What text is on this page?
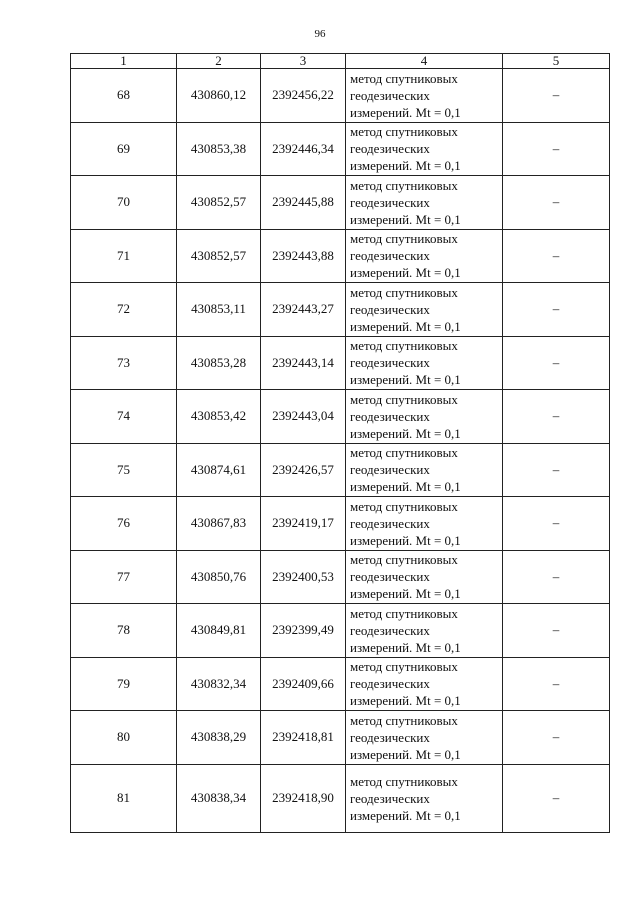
96
1	2	3	4	5
68	430860,12	2392456,22	метод спутниковых
геодезических
измерений. Mt = 0,1	–
69	430853,38	2392446,34	метод спутниковых
геодезических
измерений. Mt = 0,1	–
70	430852,57	2392445,88	метод спутниковых
геодезических
измерений. Mt = 0,1	–
71	430852,57	2392443,88	метод спутниковых
геодезических
измерений. Mt = 0,1	–
72	430853,11	2392443,27	метод спутниковых
геодезических
измерений. Mt = 0,1	–
73	430853,28	2392443,14	метод спутниковых
геодезических
измерений. Mt = 0,1	–
74	430853,42	2392443,04	метод спутниковых
геодезических
измерений. Mt = 0,1	–
75	430874,61	2392426,57	метод спутниковых
геодезических
измерений. Mt = 0,1	–
76	430867,83	2392419,17	метод спутниковых
геодезических
измерений. Mt = 0,1	–
77	430850,76	2392400,53	метод спутниковых
геодезических
измерений. Mt = 0,1	–
78	430849,81	2392399,49	метод спутниковых
геодезических
измерений. Mt = 0,1	–
79	430832,34	2392409,66	метод спутниковых
геодезических
измерений. Mt = 0,1	–
80	430838,29	2392418,81	метод спутниковых
геодезических
измерений. Mt = 0,1	–
81	430838,34	2392418,90	метод спутниковых
геодезических
измерений. Mt = 0,1	–
